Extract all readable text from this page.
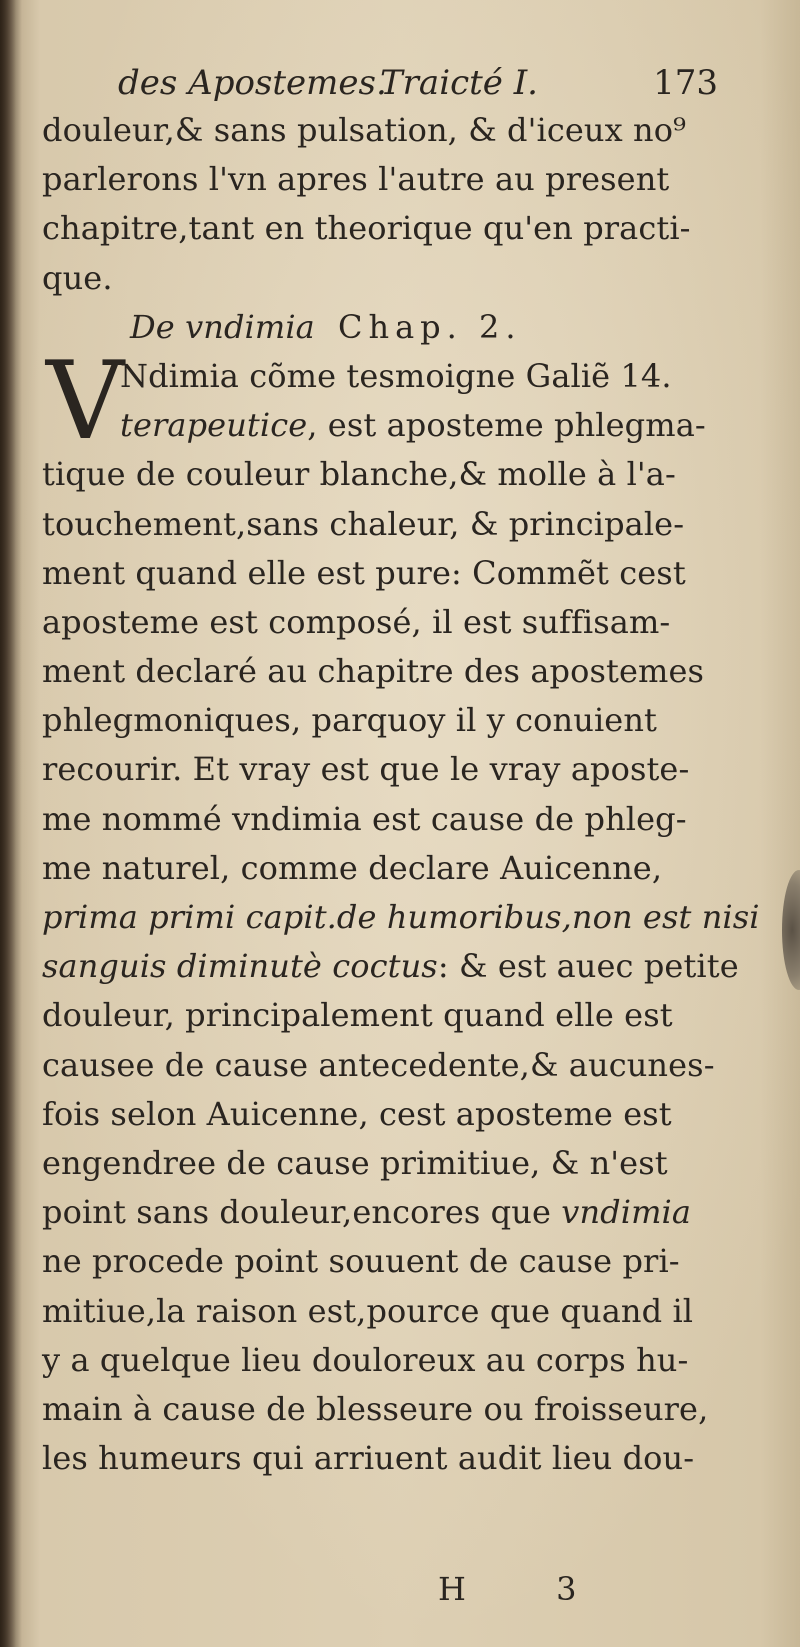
des Apostemes.
Traicté I.	173
douleur,& sans pulsation, & d'iceux no⁹
parlerons l'vn apres l'autre au present
chapitre,tant en theorique qu'en practi-
que.
De vndimia Chap. 2.
V
Ndimia cõme tesmoigne Galiẽ 14.
terapeutice, est aposteme phlegma-
tique de couleur blanche,& molle à l'a-
touchement,sans chaleur, & principale-
ment quand elle est pure: Commẽt cest
aposteme est composé, il est suffisam-
ment declaré au chapitre des apostemes
phlegmoniques, parquoy il y conuient
recourir. Et vray est que le vray aposte-
me nommé vndimia est cause de phleg-
me naturel, comme declare Auicenne,
prima primi capit.de humoribus,non est nisi
sanguis diminutè coctus: & est auec petite
douleur, principalement quand elle est
causee de cause antecedente,& aucunes-
fois selon Auicenne, cest aposteme est
engendree de cause primitiue, & n'est
point sans douleur,encores que vndimia
ne procede point souuent de cause pri-
mitiue,la raison est,pource que quand il
y a quelque lieu douloreux au corps hu-
main à cause de blesseure ou froisseure,
les humeurs qui arriuent audit lieu dou-
H 3
